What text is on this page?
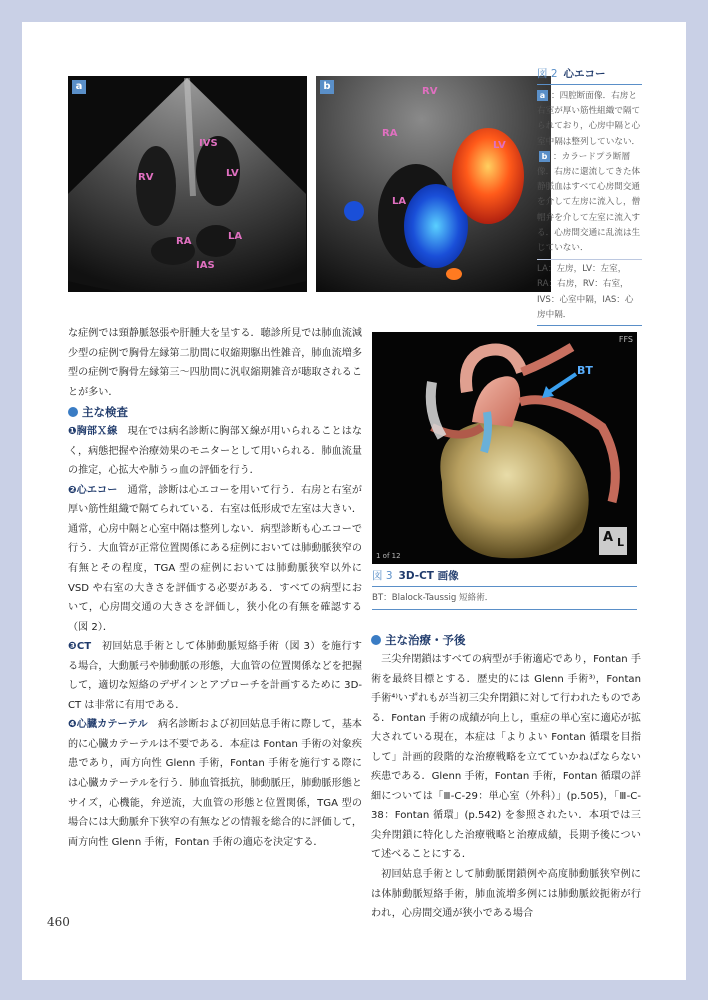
a
IVS
RV	LV
LA
RA
IAS
b	RV
RA
LV
LA
図 2 心エコー
a ：四腔断面像．右房と右室が厚い筋性組織で隔てられており，心房中隔と心室中隔は整列していない．b ：カラードプラ断層像．右房に還流してきた体静脈血はすべて心房間交通を介して左房に流入し，僧帽弁を介して左室に流入する．心房間交通に乱流は生じていない．
LA：左房，LV：左室，RA：右房，RV：右室，IVS：心室中隔，IAS：心房中隔．

な症例では頸静脈怒張や肝腫大を呈する．聴診所見では肺血流減少型の症例で胸骨左縁第二肋間に収縮期駆出性雑音，肺血流増多型の症例で胸骨左縁第三～四肋間に汎収縮期雑音が聴取されることが多い．

主な検査

❶胸部Ｘ線　 現在では病名診断に胸部Ｘ線が用いられることはなく，病態把握や治療効果のモニターとして用いられる．肺血流量の推定，心拡大や肺うっ血の評価を行う．

❷心エコー　 通常，診断は心エコーを用いて行う．右房と右室が厚い筋性組織で隔てられている．右室は低形成で左室は大きい．通常，心房中隔と心室中隔は整列しない．病型診断も心エコーで行う．大血管が正常位置関係にある症例においては肺動脈狭窄の有無とその程度，TGA 型の症例においては肺動脈狭窄以外に VSD や右室の大きさを評価する必要がある．すべての病型において，心房間交通の大きさを評価し，狭小化の有無を確認する（図 2）．

❸CT　 初回姑息手術として体肺動脈短絡手術（図 3）を施行する場合，大動脈弓や肺動脈の形態，大血管の位置関係などを把握して，適切な短絡のデザインとアプローチを計画するために 3D-CT は非常に有用である．

❹心臓カテーテル　 病名診断および初回姑息手術に際して，基本的に心臓カテーテルは不要である．本症は Fontan 手術の対象疾患であり，両方向性 Glenn 手術，Fontan 手術を施行する際には心臓カテーテルを行う．肺血管抵抗，肺動脈圧，肺動脈形態とサイズ，心機能，弁逆流，大血管の形態と位置関係，TGA 型の場合には大動脈弁下狭窄の有無などの情報を総合的に評価して，両方向性 Glenn 手術，Fontan 手術の適応を決定する．

FFS
BT
1 of 12
A L
図 3 3D-CT 画像
BT：Blalock-Taussig 短絡術．

主な治療・予後

三尖弁閉鎖はすべての病型が手術適応であり，Fontan 手術を最終目標とする．歴史的には Glenn 手術³⁾，Fontan 手術⁴⁾いずれもが当初三尖弁閉鎖に対して行われたものである．Fontan 手術の成績が向上し，重症の単心室に適応が拡大されている現在，本症は「よりよい Fontan 循環を目指して」計画的段階的な治療戦略を立てていかねばならない疾患である．Glenn 手術，Fontan 手術，Fontan 循環の詳細については「Ⅲ-C-29：単心室（外科）」(p.505)，「Ⅲ-C-38：Fontan 循環」(p.542) を参照されたい．本項では三尖弁閉鎖に特化した治療戦略と治療成績，長期予後について述べることにする．

初回姑息手術として肺動脈閉鎖例や高度肺動脈狭窄例には体肺動脈短絡手術，肺血流増多例には肺動脈絞扼術が行われ，心房間交通が狭小である場合

460
